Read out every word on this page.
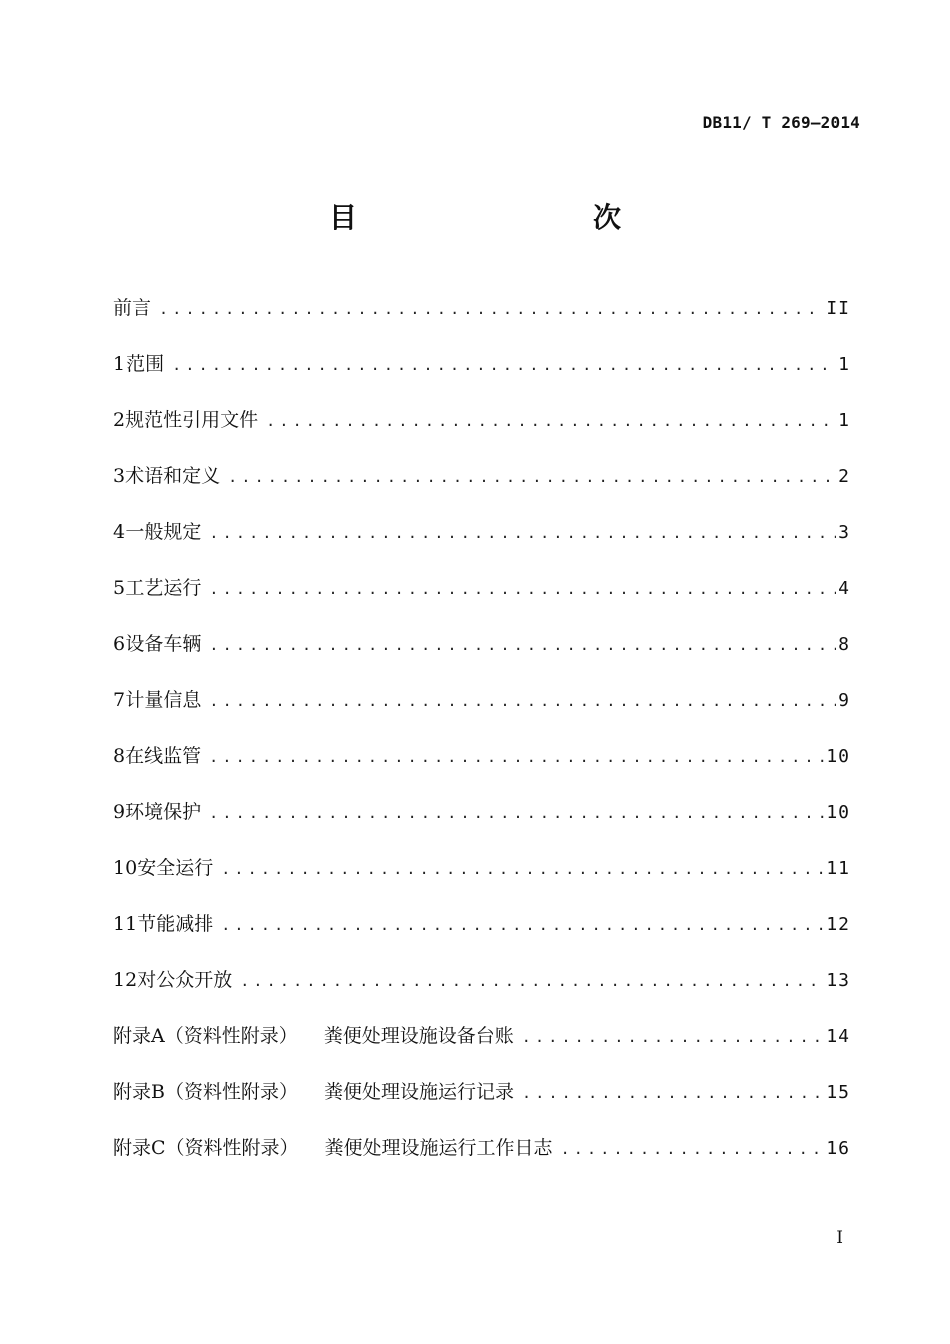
DB11/ T 269—2014
目　　次
前言 .....	II
1 范围 .....	1
2 规范性引用文件 .....	1
3 术语和定义 .....	2
4 一般规定 .....	3
5 工艺运行 .....	4
6 设备车辆 .....	8
7 计量信息 .....	9
8 在线监管 .....	10
9 环境保护 .....	10
10 安全运行 .....	11
11 节能减排 .....	12
12 对公众开放 .....	13
附录A（资料性附录） 粪便处理设施设备台账 .....	14
附录B（资料性附录） 粪便处理设施运行记录 .....	15
附录C（资料性附录） 粪便处理设施运行工作日志 .....	16
I
